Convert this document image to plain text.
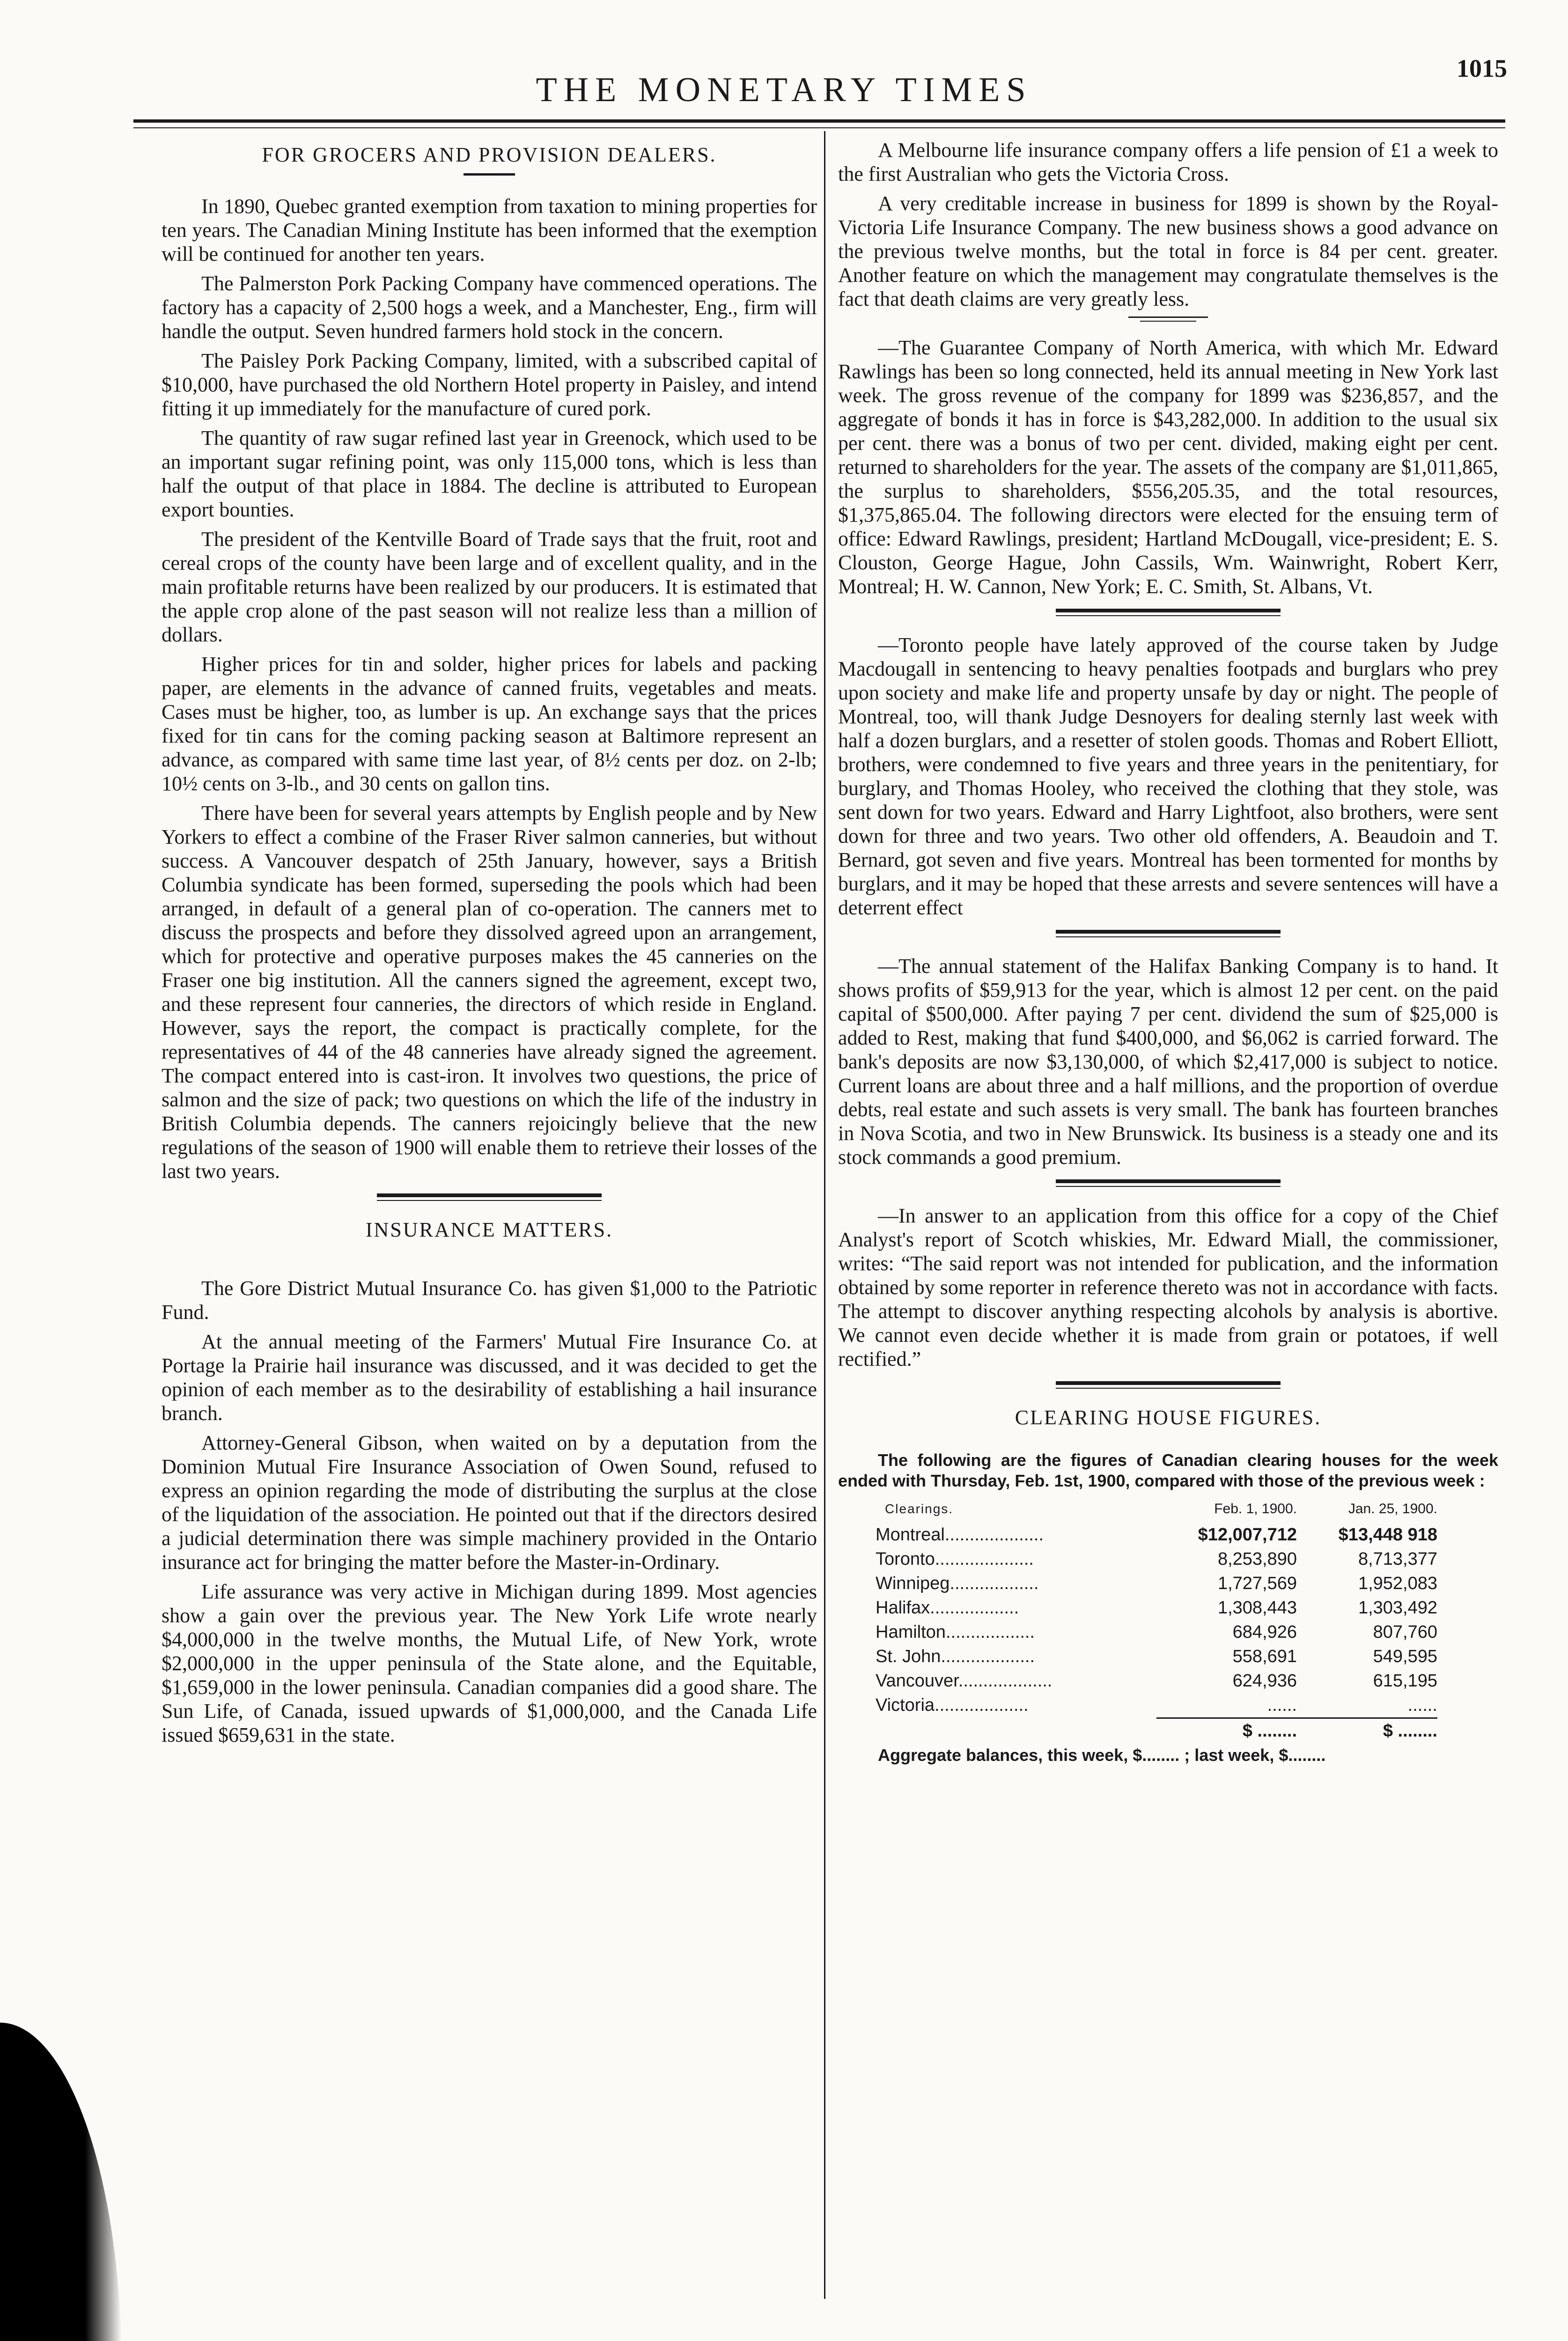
THE MONETARY TIMES
1015
FOR GROCERS AND PROVISION DEALERS.

In 1890, Quebec granted exemption from taxation to mining properties for ten years. The Canadian Mining Institute has been informed that the exemption will be continued for another ten years.

The Palmerston Pork Packing Company have commenced operations. The factory has a capacity of 2,500 hogs a week, and a Manchester, Eng., firm will handle the output. Seven hundred farmers hold stock in the concern.

The Paisley Pork Packing Company, limited, with a subscribed capital of $10,000, have purchased the old Northern Hotel property in Paisley, and intend fitting it up immediately for the manufacture of cured pork.

The quantity of raw sugar refined last year in Greenock, which used to be an important sugar refining point, was only 115,000 tons, which is less than half the output of that place in 1884. The decline is attributed to European export bounties.

The president of the Kentville Board of Trade says that the fruit, root and cereal crops of the county have been large and of excellent quality, and in the main profitable returns have been realized by our producers. It is estimated that the apple crop alone of the past season will not realize less than a million of dollars.

Higher prices for tin and solder, higher prices for labels and packing paper, are elements in the advance of canned fruits, vegetables and meats. Cases must be higher, too, as lumber is up. An exchange says that the prices fixed for tin cans for the coming packing season at Baltimore represent an advance, as compared with same time last year, of 8½ cents per doz. on 2-lb; 10½ cents on 3-lb., and 30 cents on gallon tins.

There have been for several years attempts by English people and by New Yorkers to effect a combine of the Fraser River salmon canneries, but without success. A Vancouver despatch of 25th January, however, says a British Columbia syndicate has been formed, superseding the pools which had been arranged, in default of a general plan of co-operation. The canners met to discuss the prospects and before they dissolved agreed upon an arrangement, which for protective and operative purposes makes the 45 canneries on the Fraser one big institution. All the canners signed the agreement, except two, and these represent four canneries, the directors of which reside in England. However, says the report, the compact is practically complete, for the representatives of 44 of the 48 canneries have already signed the agreement. The compact entered into is cast-iron. It involves two questions, the price of salmon and the size of pack; two questions on which the life of the industry in British Columbia depends. The canners rejoicingly believe that the new regulations of the season of 1900 will enable them to retrieve their losses of the last two years.

INSURANCE MATTERS.

The Gore District Mutual Insurance Co. has given $1,000 to the Patriotic Fund.

At the annual meeting of the Farmers' Mutual Fire Insurance Co. at Portage la Prairie hail insurance was discussed, and it was decided to get the opinion of each member as to the desirability of establishing a hail insurance branch.

Attorney-General Gibson, when waited on by a deputation from the Dominion Mutual Fire Insurance Association of Owen Sound, refused to express an opinion regarding the mode of distributing the surplus at the close of the liquidation of the association. He pointed out that if the directors desired a judicial determination there was simple machinery provided in the Ontario insurance act for bringing the matter before the Master-in-Ordinary.

Life assurance was very active in Michigan during 1899. Most agencies show a gain over the previous year. The New York Life wrote nearly $4,000,000 in the twelve months, the Mutual Life, of New York, wrote $2,000,000 in the upper peninsula of the State alone, and the Equitable, $1,659,000 in the lower peninsula. Canadian companies did a good share. The Sun Life, of Canada, issued upwards of $1,000,000, and the Canada Life issued $659,631 in the state.

A Melbourne life insurance company offers a life pension of £1 a week to the first Australian who gets the Victoria Cross.

A very creditable increase in business for 1899 is shown by the Royal-Victoria Life Insurance Company. The new business shows a good advance on the previous twelve months, but the total in force is 84 per cent. greater. Another feature on which the management may congratulate themselves is the fact that death claims are very greatly less.

—The Guarantee Company of North America, with which Mr. Edward Rawlings has been so long connected, held its annual meeting in New York last week. The gross revenue of the company for 1899 was $236,857, and the aggregate of bonds it has in force is $43,282,000. In addition to the usual six per cent. there was a bonus of two per cent. divided, making eight per cent. returned to shareholders for the year. The assets of the company are $1,011,865, the surplus to shareholders, $556,205.35, and the total resources, $1,375,865.04. The following directors were elected for the ensuing term of office: Edward Rawlings, president; Hartland McDougall, vice-president; E. S. Clouston, George Hague, John Cassils, Wm. Wainwright, Robert Kerr, Montreal; H. W. Cannon, New York; E. C. Smith, St. Albans, Vt.

—Toronto people have lately approved of the course taken by Judge Macdougall in sentencing to heavy penalties footpads and burglars who prey upon society and make life and property unsafe by day or night. The people of Montreal, too, will thank Judge Desnoyers for dealing sternly last week with half a dozen burglars, and a resetter of stolen goods. Thomas and Robert Elliott, brothers, were condemned to five years and three years in the penitentiary, for burglary, and Thomas Hooley, who received the clothing that they stole, was sent down for two years. Edward and Harry Lightfoot, also brothers, were sent down for three and two years. Two other old offenders, A. Beaudoin and T. Bernard, got seven and five years. Montreal has been tormented for months by burglars, and it may be hoped that these arrests and severe sentences will have a deterrent effect

—The annual statement of the Halifax Banking Company is to hand. It shows profits of $59,913 for the year, which is almost 12 per cent. on the paid capital of $500,000. After paying 7 per cent. dividend the sum of $25,000 is added to Rest, making that fund $400,000, and $6,062 is carried forward. The bank's deposits are now $3,130,000, of which $2,417,000 is subject to notice. Current loans are about three and a half millions, and the proportion of overdue debts, real estate and such assets is very small. The bank has fourteen branches in Nova Scotia, and two in New Brunswick. Its business is a steady one and its stock commands a good premium.

—In answer to an application from this office for a copy of the Chief Analyst's report of Scotch whiskies, Mr. Edward Miall, the commissioner, writes: “The said report was not intended for publication, and the information obtained by some reporter in reference thereto was not in accordance with facts. The attempt to discover anything respecting alcohols by analysis is abortive. We cannot even decide whether it is made from grain or potatoes, if well rectified.”

CLEARING HOUSE FIGURES.

The following are the figures of Canadian clearing houses for the week ended with Thursday, Feb. 1st, 1900, compared with those of the previous week :

Clearings.	Feb. 1, 1900.	Jan. 25, 1900.
Montreal....................	$12,007,712	$13,448 918
Toronto....................	8,253,890	8,713,377
Winnipeg..................	1,727,569	1,952,083
Halifax..................	1,308,443	1,303,492
Hamilton..................	684,926	807,760
St. John...................	558,691	549,595
Vancouver...................	624,936	615,195
Victoria...................	......	......
	$ ........	$ ........

Aggregate balances, this week, $........ ; last week, $........
